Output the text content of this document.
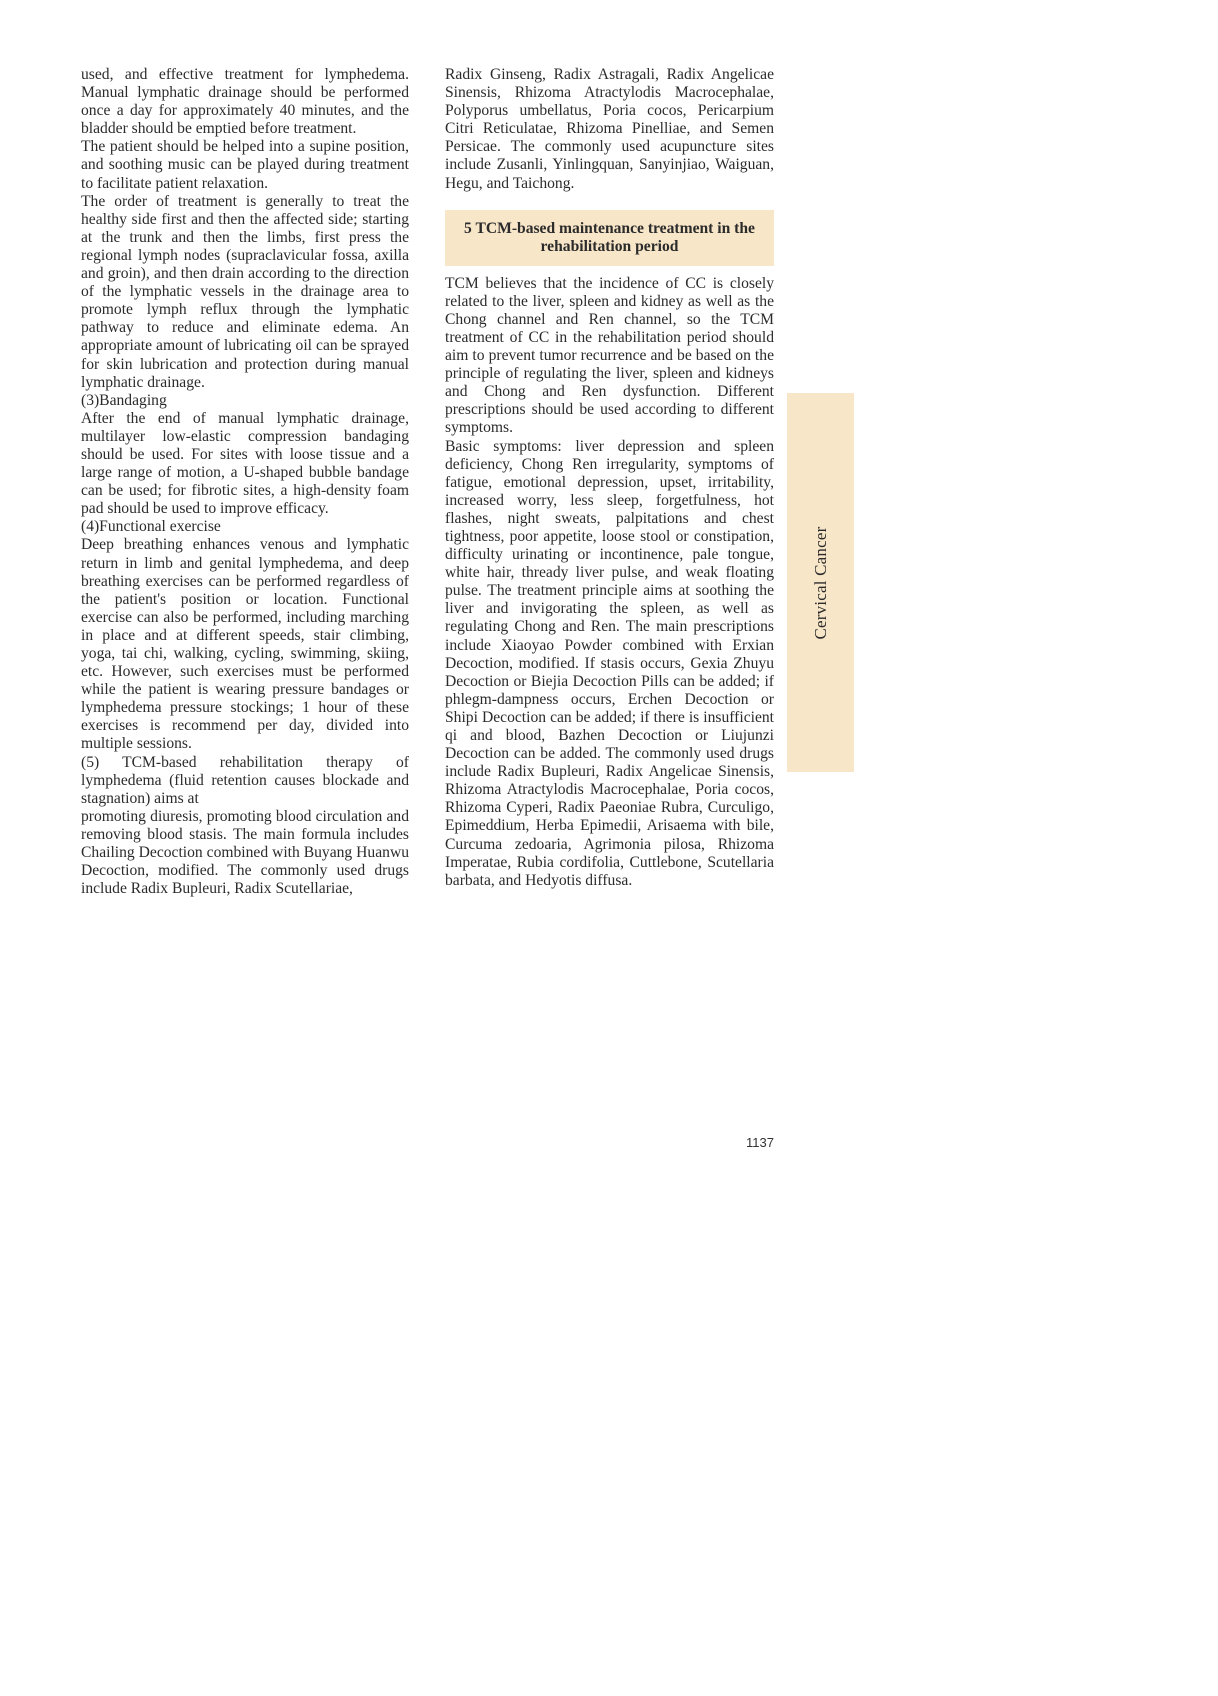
used, and effective treatment for lymphedema. Manual lymphatic drainage should be performed once a day for approximately 40 minutes, and the bladder should be emptied before treatment.

The patient should be helped into a supine position, and soothing music can be played during treatment to facilitate patient relaxation.

The order of treatment is generally to treat the healthy side first and then the affected side; starting at the trunk and then the limbs, first press the regional lymph nodes (supraclavicular fossa, axilla and groin), and then drain according to the direction of the lymphatic vessels in the drainage area to promote lymph reflux through the lymphatic pathway to reduce and eliminate edema. An appropriate amount of lubricating oil can be sprayed for skin lubrication and protection during manual lymphatic drainage.

(3)Bandaging

After the end of manual lymphatic drainage, multilayer low-elastic compression bandaging should be used. For sites with loose tissue and a large range of motion, a U-shaped bubble bandage can be used; for fibrotic sites, a high-density foam pad should be used to improve efficacy.

(4)Functional exercise

Deep breathing enhances venous and lymphatic return in limb and genital lymphedema, and deep breathing exercises can be performed regardless of the patient's position or location. Functional exercise can also be performed, including marching in place and at different speeds, stair climbing, yoga, tai chi, walking, cycling, swimming, skiing, etc. However, such exercises must be performed while the patient is wearing pressure bandages or lymphedema pressure stockings; 1 hour of these exercises is recommend per day, divided into multiple sessions.

(5) TCM-based rehabilitation therapy of lymphedema (fluid retention causes blockade and stagnation) aims at

promoting diuresis, promoting blood circulation and removing blood stasis. The main formula includes Chailing Decoction combined with Buyang Huanwu Decoction, modified. The commonly used drugs include Radix Bupleuri, Radix Scutellariae,

Radix Ginseng, Radix Astragali, Radix Angelicae Sinensis, Rhizoma Atractylodis Macrocephalae, Polyporus umbellatus, Poria cocos, Pericarpium Citri Reticulatae, Rhizoma Pinelliae, and Semen Persicae. The commonly used acupuncture sites include Zusanli, Yinlingquan, Sanyinjiao, Waiguan, Hegu, and Taichong.

5 TCM-based maintenance treatment in the rehabilitation period

TCM believes that the incidence of CC is closely related to the liver, spleen and kidney as well as the Chong channel and Ren channel, so the TCM treatment of CC in the rehabilitation period should aim to prevent tumor recurrence and be based on the principle of regulating the liver, spleen and kidneys and Chong and Ren dysfunction. Different prescriptions should be used according to different symptoms.

Basic symptoms: liver depression and spleen deficiency, Chong Ren irregularity, symptoms of fatigue, emotional depression, upset, irritability, increased worry, less sleep, forgetfulness, hot flashes, night sweats, palpitations and chest tightness, poor appetite, loose stool or constipation, difficulty urinating or incontinence, pale tongue, white hair, thready liver pulse, and weak floating pulse. The treatment principle aims at soothing the liver and invigorating the spleen, as well as regulating Chong and Ren. The main prescriptions include Xiaoyao Powder combined with Erxian Decoction, modified. If stasis occurs, Gexia Zhuyu Decoction or Biejia Decoction Pills can be added; if phlegm-dampness occurs, Erchen Decoction or Shipi Decoction can be added; if there is insufficient qi and blood, Bazhen Decoction or Liujunzi Decoction can be added. The commonly used drugs include Radix Bupleuri, Radix Angelicae Sinensis, Rhizoma Atractylodis Macrocephalae, Poria cocos, Rhizoma Cyperi, Radix Paeoniae Rubra, Curculigo, Epimeddium, Herba Epimedii, Arisaema with bile, Curcuma zedoaria, Agrimonia pilosa, Rhizoma Imperatae, Rubia cordifolia, Cuttlebone, Scutellaria barbata, and Hedyotis diffusa.

Cervical Cancer
1137
